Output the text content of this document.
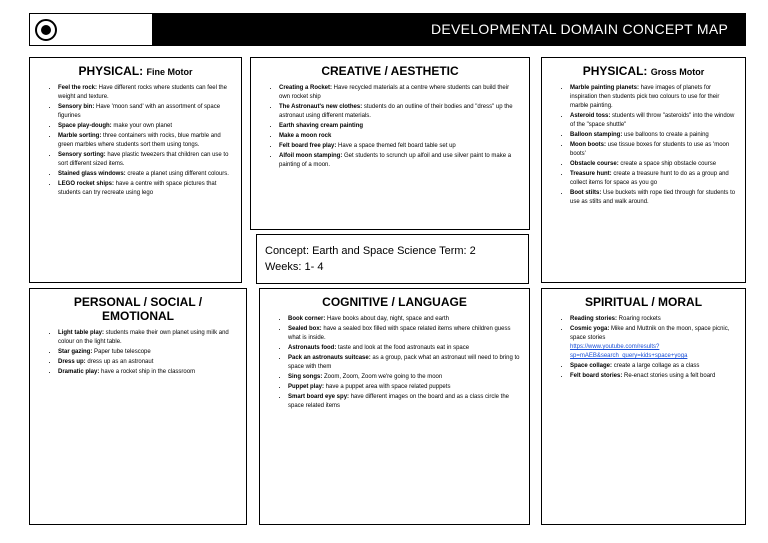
THE UNIVERSITY OF
NOTRE DAME
AUSTRALIA
DEVELOPMENTAL DOMAIN CONCEPT MAP
PHYSICAL: Fine Motor
• Feel the rock: Have different rocks where students can feel the weight and texture.
• Sensory bin: Have 'moon sand' with an assortment of space figurines
• Space play-dough: make your own planet
• Marble sorting: three containers with rocks, blue marble and green marbles where students sort them using tongs.
• Sensory sorting: have plastic tweezers that children can use to sort different sized items.
• Stained glass windows: create a planet using different colours.
• LEGO rocket ships: have a centre with space pictures that students can try recreate using lego
CREATIVE / AESTHETIC
• Creating a Rocket: Have recycled materials at a centre where students can build their own rocket ship
• The Astronaut's new clothes: students do an outline of their bodies and "dress" up the astronaut using different materials.
• Earth shaving cream painting
• Make a moon rock
• Felt board free play: Have a space themed felt board table set up
• Alfoil moon stamping: Get students to scrunch up alfoil and use silver paint to make a painting of a moon.
PHYSICAL: Gross Motor
• Marble painting planets: have images of planets for inspiration then students pick two colours to use for their marble painting.
• Asteroid toss: students will throw "asteroids" into the window of the "space shuttle"
• Balloon stamping: use balloons to create a paining
• Moon boots: use tissue boxes for students to use as 'moon boots'
• Obstacle course: create a space ship obstacle course
• Treasure hunt: create a treasure hunt to do as a group and collect items for space as you go
• Boot stilts: Use buckets with rope tied through for students to use as stilts and walk around.
Concept: Earth and Space Science Term: 2
Weeks: 1- 4
PERSONAL / SOCIAL / EMOTIONAL
• Light table play: students make their own planet using milk and colour on the light table.
• Star gazing: Paper tube telescope
• Dress up: dress up as an astronaut
• Dramatic play: have a rocket ship in the classroom
COGNITIVE / LANGUAGE
• Book corner: Have books about day, night, space and earth
• Sealed box: have a sealed box filled with space related items where children guess what is inside.
• Astronauts food: taste and look at the food astronauts eat in space
• Pack an astronauts suitcase: as a group, pack what an astronaut will need to bring to space with them
• Sing songs: Zoom, Zoom, Zoom we're going to the moon
• Puppet play: have a puppet area with space related puppets
• Smart board eye spy: have different images on the board and as a class circle the space related items
SPIRITUAL / MORAL
• Reading stories: Roaring rockets
• Cosmic yoga: Mike and Muttnik on the moon, space picnic, space stories
https://www.youtube.com/results?sp=mAEB&search_query=kids+space+yoga
• Space collage: create a large collage as a class
• Felt board stories: Re-enact stories using a felt board
